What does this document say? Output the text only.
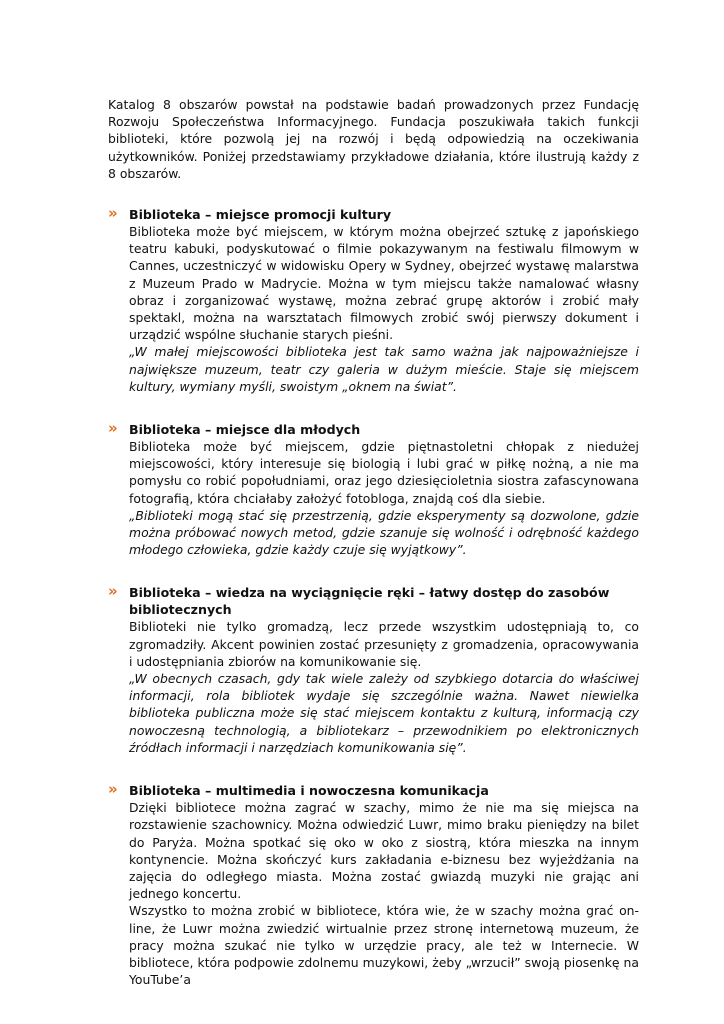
Katalog 8 obszarów powstał na podstawie badań prowadzonych przez Fundację Rozwoju Społeczeństwa Informacyjnego. Fundacja poszukiwała takich funkcji biblioteki, które pozwolą jej na rozwój i będą odpowiedzią na oczekiwania użytkowników. Poniżej przedstawiamy przykładowe działania, które ilustrują każdy z 8 obszarów.

» Biblioteka – miejsce promocji kultury

Biblioteka może być miejscem, w którym można obejrzeć sztukę z japońskiego teatru kabuki, podyskutować o filmie pokazywanym na festiwalu filmowym w Cannes, uczestniczyć w widowisku Opery w Sydney, obejrzeć wystawę malarstwa z Muzeum Prado w Madrycie. Można w tym miejscu także namalować własny obraz i zorganizować wystawę, można zebrać grupę aktorów i zrobić mały spektakl, można na warsztatach filmowych zrobić swój pierwszy dokument i urządzić wspólne słuchanie starych pieśni.

„W małej miejscowości biblioteka jest tak samo ważna jak najpoważniejsze i największe muzeum, teatr czy galeria w dużym mieście. Staje się miejscem kultury, wymiany myśli, swoistym „oknem na świat”.

» Biblioteka – miejsce dla młodych

Biblioteka może być miejscem, gdzie piętnastoletni chłopak z niedużej miejscowości, który interesuje się biologią i lubi grać w piłkę nożną, a nie ma pomysłu co robić popołudniami, oraz jego dziesięcioletnia siostra zafascynowana fotografią, która chciałaby założyć fotobloga, znajdą coś dla siebie.

„Biblioteki mogą stać się przestrzenią, gdzie eksperymenty są dozwolone, gdzie można próbować nowych metod, gdzie szanuje się wolność i odrębność każdego młodego człowieka, gdzie każdy czuje się wyjątkowy”.

» Biblioteka – wiedza na wyciągnięcie ręki – łatwy dostęp do zasobów bibliotecznych

Biblioteki nie tylko gromadzą, lecz przede wszystkim udostępniają to, co zgromadziły. Akcent powinien zostać przesunięty z gromadzenia, opracowywania i udostępniania zbiorów na komunikowanie się.

„W obecnych czasach, gdy tak wiele zależy od szybkiego dotarcia do właściwej informacji, rola bibliotek wydaje się szczególnie ważna. Nawet niewielka biblioteka publiczna może się stać miejscem kontaktu z kulturą, informacją czy nowoczesną technologią, a bibliotekarz – przewodnikiem po elektronicznych źródłach informacji i narzędziach komunikowania się”.

» Biblioteka – multimedia i nowoczesna komunikacja

Dzięki bibliotece można zagrać w szachy, mimo że nie ma się miejsca na rozstawienie szachownicy. Można odwiedzić Luwr, mimo braku pieniędzy na bilet do Paryża. Można spotkać się oko w oko z siostrą, która mieszka na innym kontynencie. Można skończyć kurs zakładania e-biznesu bez wyjeżdżania na zajęcia do odległego miasta. Można zostać gwiazdą muzyki nie grając ani jednego koncertu.

Wszystko to można zrobić w bibliotece, która wie, że w szachy można grać on-line, że Luwr można zwiedzić wirtualnie przez stronę internetową muzeum, że pracy można szukać nie tylko w urzędzie pracy, ale też w Internecie. W bibliotece, która podpowie zdolnemu muzykowi, żeby „wrzucił” swoją piosenkę na YouTube’a
